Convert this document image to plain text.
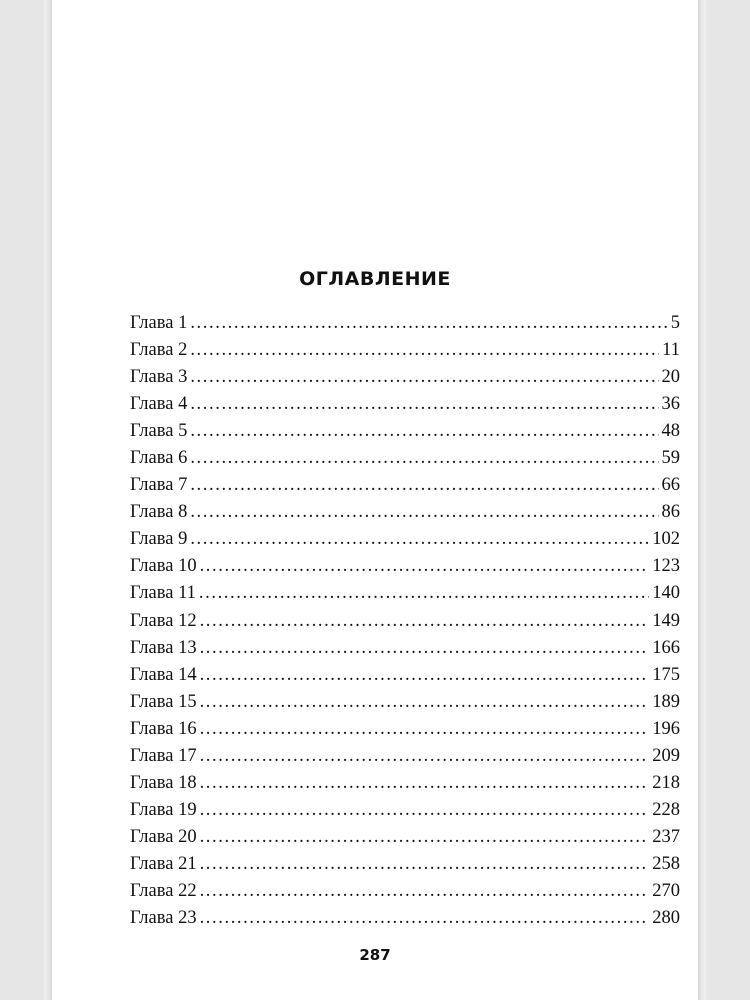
ОГЛАВЛЕНИЕ
Глава 1 .....	5
Глава 2 .....	11
Глава 3 .....	20
Глава 4 .....	36
Глава 5 .....	48
Глава 6 .....	59
Глава 7 .....	66
Глава 8 .....	86
Глава 9 .....	102
Глава 10 .....	123
Глава 11 .....	140
Глава 12 .....	149
Глава 13 .....	166
Глава 14 .....	175
Глава 15 .....	189
Глава 16 .....	196
Глава 17 .....	209
Глава 18 .....	218
Глава 19 .....	228
Глава 20 .....	237
Глава 21 .....	258
Глава 22 .....	270
Глава 23 .....	280
287
